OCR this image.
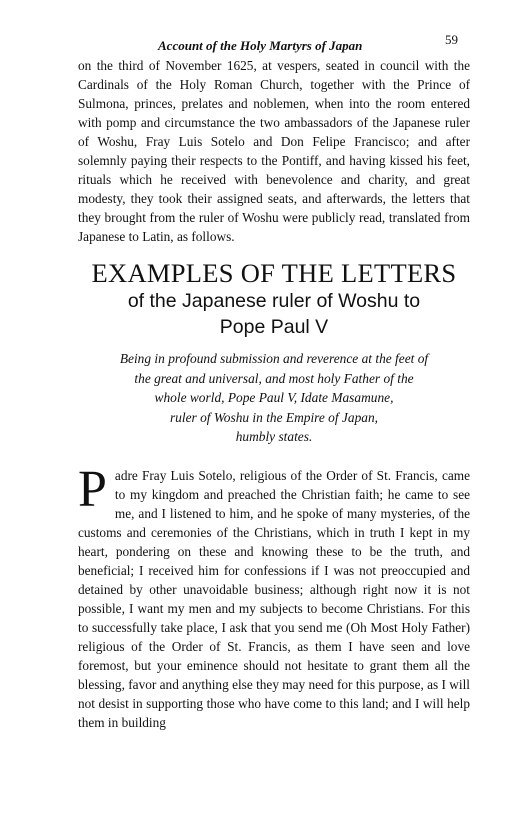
Account of the Holy Martyrs of Japan	59

on the third of November 1625, at vespers, seated in council with the Cardinals of the Holy Roman Church, together with the Prince of Sulmona, princes, prelates and noblemen, when into the room entered with pomp and circumstance the two ambassadors of the Japanese ruler of Woshu, Fray Luis Sotelo and Don Felipe Francisco; and after solemnly paying their respects to the Pontiff, and having kissed his feet, rituals which he received with benevolence and charity, and great modesty, they took their assigned seats, and afterwards, the letters that they brought from the ruler of Woshu were publicly read, translated from Japanese to Latin, as follows.

EXAMPLES OF THE LETTERS
of the Japanese ruler of Woshu to
Pope Paul V
Being in profound submission and reverence at the feet of
the great and universal, and most holy Father of the
whole world, Pope Paul V, Idate Masamune,
ruler of Woshu in the Empire of Japan,
humbly states.
P adre Fray Luis Sotelo, religious of the Order of St. Francis, came to my kingdom and preached the Christian faith; he came to see me, and I listened to him, and he spoke of many mysteries, of the customs and ceremonies of the Christians, which in truth I kept in my heart, pondering on these and knowing these to be the truth, and beneficial; I received him for confessions if I was not preoccupied and detained by other unavoidable business; although right now it is not possible, I want my men and my subjects to become Christians. For this to successfully take place, I ask that you send me (Oh Most Holy Father) religious of the Order of St. Francis, as them I have seen and love foremost, but your eminence should not hesitate to grant them all the blessing, favor and anything else they may need for this purpose, as I will not desist in supporting those who have come to this land; and I will help them in building
